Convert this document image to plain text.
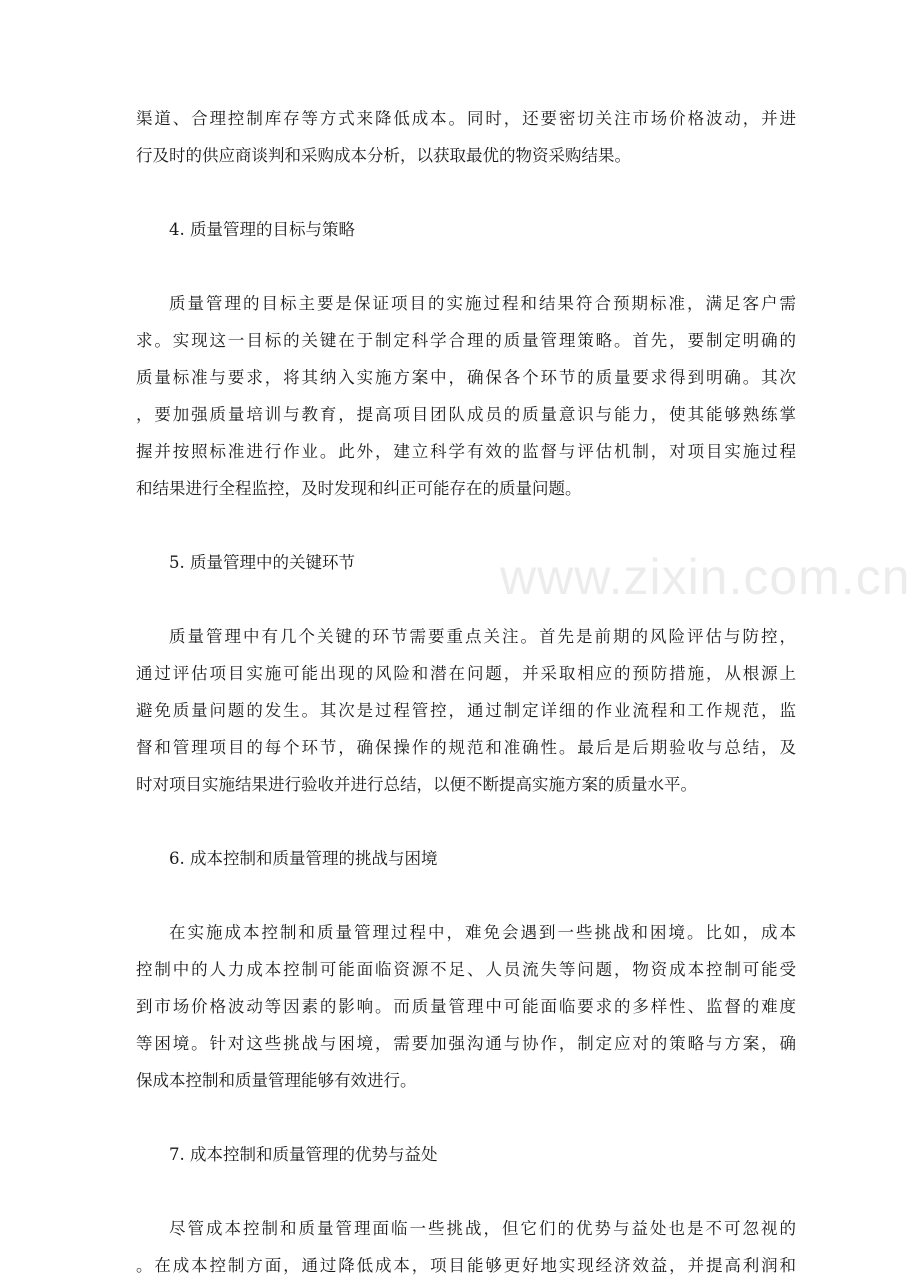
www.zixin.com.cn
渠道、合理控制库存等方式来降低成本。同时，还要密切关注市场价格波动，并进
行及时的供应商谈判和采购成本分析，以获取最优的物资采购结果。
4. 质量管理的目标与策略
质量管理的目标主要是保证项目的实施过程和结果符合预期标准，满足客户需
求。实现这一目标的关键在于制定科学合理的质量管理策略。首先，要制定明确的
质量标准与要求，将其纳入实施方案中，确保各个环节的质量要求得到明确。其次
，要加强质量培训与教育，提高项目团队成员的质量意识与能力，使其能够熟练掌
握并按照标准进行作业。此外，建立科学有效的监督与评估机制，对项目实施过程
和结果进行全程监控，及时发现和纠正可能存在的质量问题。
5. 质量管理中的关键环节
质量管理中有几个关键的环节需要重点关注。首先是前期的风险评估与防控，
通过评估项目实施可能出现的风险和潜在问题，并采取相应的预防措施，从根源上
避免质量问题的发生。其次是过程管控，通过制定详细的作业流程和工作规范，监
督和管理项目的每个环节，确保操作的规范和准确性。最后是后期验收与总结，及
时对项目实施结果进行验收并进行总结，以便不断提高实施方案的质量水平。
6. 成本控制和质量管理的挑战与困境
在实施成本控制和质量管理过程中，难免会遇到一些挑战和困境。比如，成本
控制中的人力成本控制可能面临资源不足、人员流失等问题，物资成本控制可能受
到市场价格波动等因素的影响。而质量管理中可能面临要求的多样性、监督的难度
等困境。针对这些挑战与困境，需要加强沟通与协作，制定应对的策略与方案，确
保成本控制和质量管理能够有效进行。
7. 成本控制和质量管理的优势与益处
尽管成本控制和质量管理面临一些挑战，但它们的优势与益处也是不可忽视的
。在成本控制方面，通过降低成本，项目能够更好地实现经济效益，并提高利润和
